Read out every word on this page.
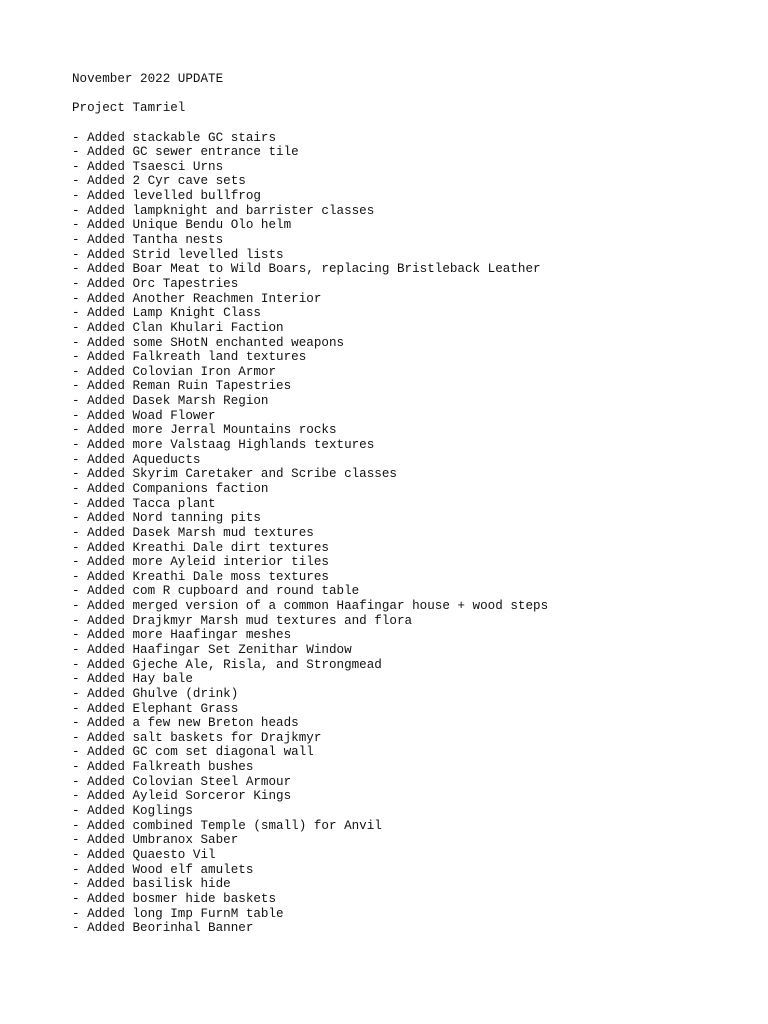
November 2022 UPDATE
Project Tamriel
- Added stackable GC stairs
- Added GC sewer entrance tile
- Added Tsaesci Urns
- Added 2 Cyr cave sets
- Added levelled bullfrog
- Added lampknight and barrister classes
- Added Unique Bendu Olo helm
- Added Tantha nests
- Added Strid levelled lists
- Added Boar Meat to Wild Boars, replacing Bristleback Leather
- Added Orc Tapestries
- Added Another Reachmen Interior
- Added Lamp Knight Class
- Added Clan Khulari Faction
- Added some SHotN enchanted weapons
- Added Falkreath land textures
- Added Colovian Iron Armor
- Added Reman Ruin Tapestries
- Added Dasek Marsh Region
- Added Woad Flower
- Added more Jerral Mountains rocks
- Added more Valstaag Highlands textures
- Added Aqueducts
- Added Skyrim Caretaker and Scribe classes
- Added Companions faction
- Added Tacca plant
- Added Nord tanning pits
- Added Dasek Marsh mud textures
- Added Kreathi Dale dirt textures
- Added more Ayleid interior tiles
- Added Kreathi Dale moss textures
- Added com R cupboard and round table
- Added merged version of a common Haafingar house + wood steps
- Added Drajkmyr Marsh mud textures and flora
- Added more Haafingar meshes
- Added Haafingar Set Zenithar Window
- Added Gjeche Ale, Risla, and Strongmead
- Added Hay bale
- Added Ghulve (drink)
- Added Elephant Grass
- Added a few new Breton heads
- Added salt baskets for Drajkmyr
- Added GC com set diagonal wall
- Added Falkreath bushes
- Added Colovian Steel Armour
- Added Ayleid Sorceror Kings
- Added Koglings
- Added combined Temple (small) for Anvil
- Added Umbranox Saber
- Added Quaesto Vil
- Added Wood elf amulets
- Added basilisk hide
- Added bosmer hide baskets
- Added long Imp FurnM table
- Added Beorinhal Banner
